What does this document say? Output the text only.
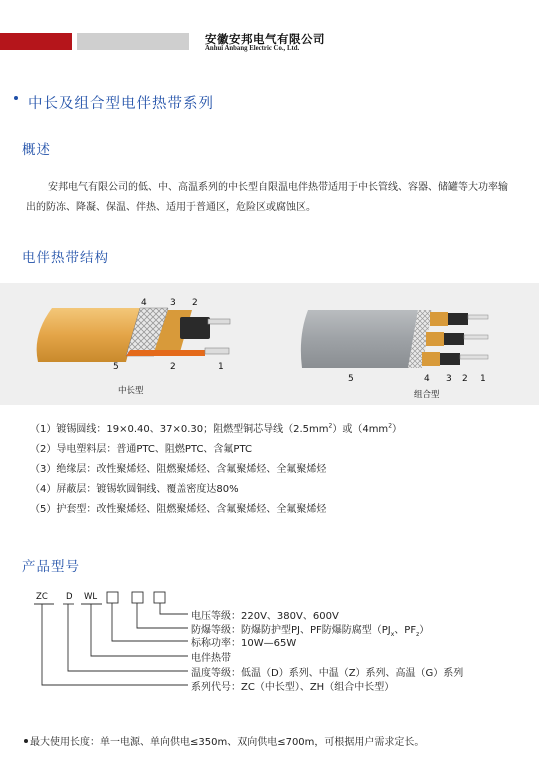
安徽安邦电气有限公司
Anhui Anbang Electric Co., Ltd.
中长及组合型电伴热带系列
概述
安邦电气有限公司的低、中、高温系列的中长型自限温电伴热带适用于中长管线、容器、储罐等大功率输出的防冻、降凝、保温、伴热、适用于普通区，危险区或腐蚀区。
电伴热带结构
4	3 2
5	2	1
中长型
5	4 3 2 1
组合型
（1）镀锡圆线：19×0.40、37×0.30；阻燃型铜芯导线$(2.5mm^2)$或$(4mm^2)$
（2）导电塑料层：普通PTC、阻燃PTC、含氟PTC
（3）绝缘层：改性聚烯烃、阻燃聚烯烃、含氟聚烯烃、全氟聚烯烃
（4）屏蔽层：镀锡软圆铜线、覆盖密度达80%
（5）护套型：改性聚烯烃、阻燃聚烯烃、含氟聚烯烃、全氟聚烯烃
产品型号
ZC D WL
电压等级：220V、380V、600V
防爆等级：防爆防护型PJ、PF防爆防腐型（$PJ_x$、$PF_z$）
标称功率：10W—65W
电伴热带
温度等级：低温（D）系列、中温（Z）系列、高温（G）系列
系列代号：ZC（中长型）、ZH（组合中长型）
最大使用长度：单一电源、单向供电≤350m、双向供电≤700m，可根据用户需求定长。
